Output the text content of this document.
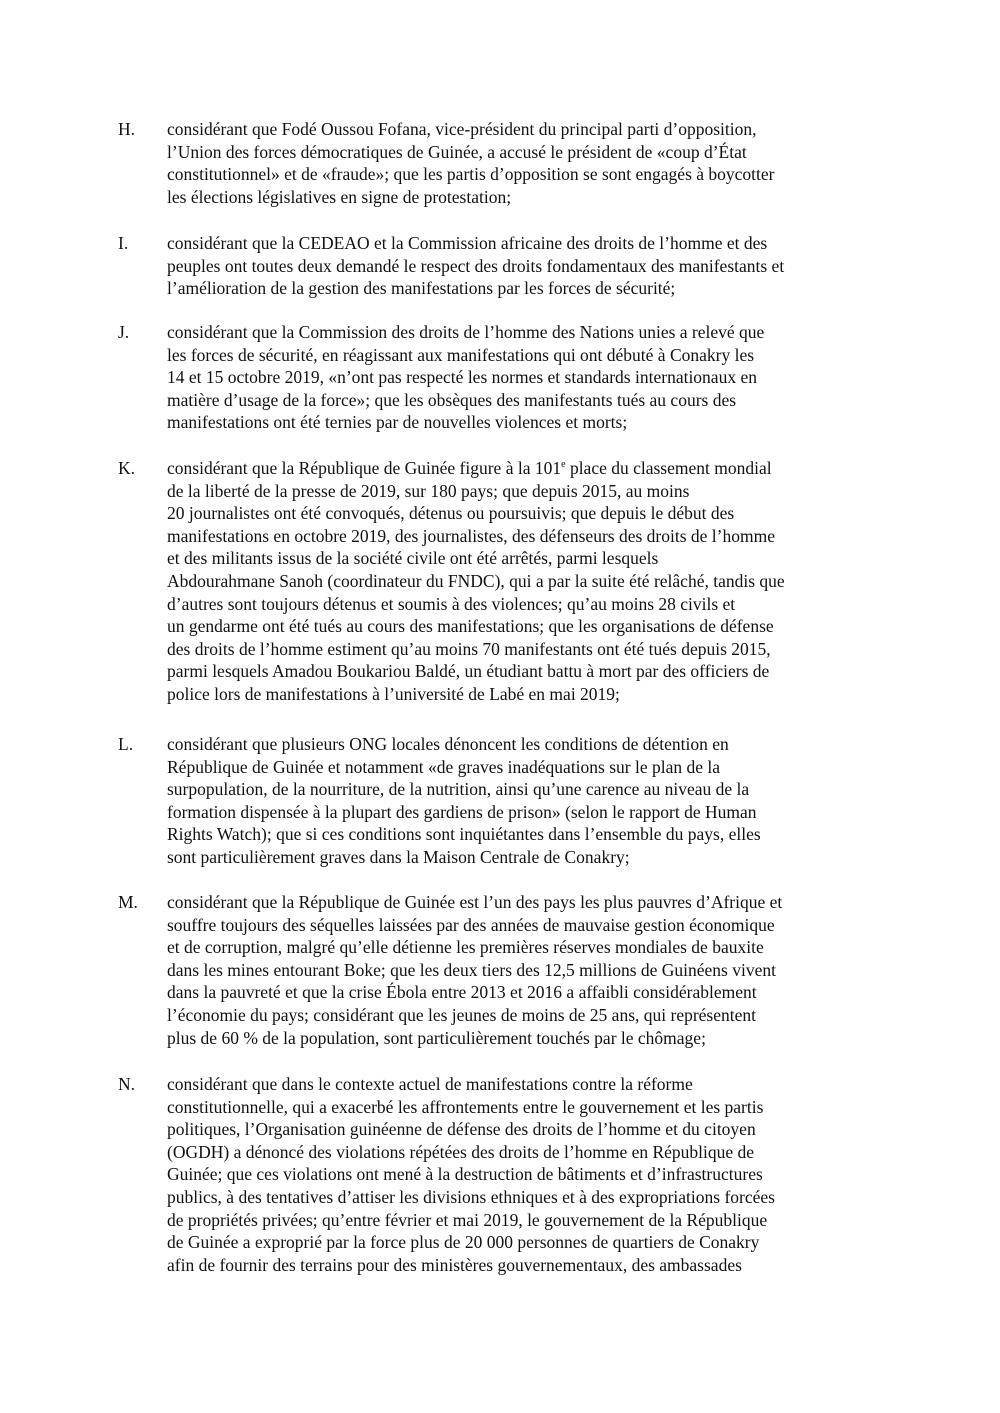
H. considérant que Fodé Oussou Fofana, vice-président du principal parti d’opposition,
l’Union des forces démocratiques de Guinée, a accusé le président de «coup d’État
constitutionnel» et de «fraude»; que les partis d’opposition se sont engagés à boycotter
les élections législatives en signe de protestation;
I. considérant que la CEDEAO et la Commission africaine des droits de l’homme et des
peuples ont toutes deux demandé le respect des droits fondamentaux des manifestants et
l’amélioration de la gestion des manifestations par les forces de sécurité;
J. considérant que la Commission des droits de l’homme des Nations unies a relevé que
les forces de sécurité, en réagissant aux manifestations qui ont débuté à Conakry les
14 et 15 octobre 2019, «n’ont pas respecté les normes et standards internationaux en
matière d’usage de la force»; que les obsèques des manifestants tués au cours des
manifestations ont été ternies par de nouvelles violences et morts;
K. considérant que la République de Guinée figure à la 101e place du classement mondial
de la liberté de la presse de 2019, sur 180 pays; que depuis 2015, au moins
20 journalistes ont été convoqués, détenus ou poursuivis; que depuis le début des
manifestations en octobre 2019, des journalistes, des défenseurs des droits de l’homme
et des militants issus de la société civile ont été arrêtés, parmi lesquels
Abdourahmane Sanoh (coordinateur du FNDC), qui a par la suite été relâché, tandis que
d’autres sont toujours détenus et soumis à des violences; qu’au moins 28 civils et
un gendarme ont été tués au cours des manifestations; que les organisations de défense
des droits de l’homme estiment qu’au moins 70 manifestants ont été tués depuis 2015,
parmi lesquels Amadou Boukariou Baldé, un étudiant battu à mort par des officiers de
police lors de manifestations à l’université de Labé en mai 2019;
L. considérant que plusieurs ONG locales dénoncent les conditions de détention en
République de Guinée et notamment «de graves inadéquations sur le plan de la
surpopulation, de la nourriture, de la nutrition, ainsi qu’une carence au niveau de la
formation dispensée à la plupart des gardiens de prison» (selon le rapport de Human
Rights Watch); que si ces conditions sont inquiétantes dans l’ensemble du pays, elles
sont particulièrement graves dans la Maison Centrale de Conakry;
M. considérant que la République de Guinée est l’un des pays les plus pauvres d’Afrique et
souffre toujours des séquelles laissées par des années de mauvaise gestion économique
et de corruption, malgré qu’elle détienne les premières réserves mondiales de bauxite
dans les mines entourant Boke; que les deux tiers des 12,5 millions de Guinéens vivent
dans la pauvreté et que la crise Ébola entre 2013 et 2016 a affaibli considérablement
l’économie du pays; considérant que les jeunes de moins de 25 ans, qui représentent
plus de 60 % de la population, sont particulièrement touchés par le chômage;
N. considérant que dans le contexte actuel de manifestations contre la réforme
constitutionnelle, qui a exacerbé les affrontements entre le gouvernement et les partis
politiques, l’Organisation guinéenne de défense des droits de l’homme et du citoyen
(OGDH) a dénoncé des violations répétées des droits de l’homme en République de
Guinée; que ces violations ont mené à la destruction de bâtiments et d’infrastructures
publics, à des tentatives d’attiser les divisions ethniques et à des expropriations forcées
de propriétés privées; qu’entre février et mai 2019, le gouvernement de la République
de Guinée a exproprié par la force plus de 20 000 personnes de quartiers de Conakry
afin de fournir des terrains pour des ministères gouvernementaux, des ambassades
